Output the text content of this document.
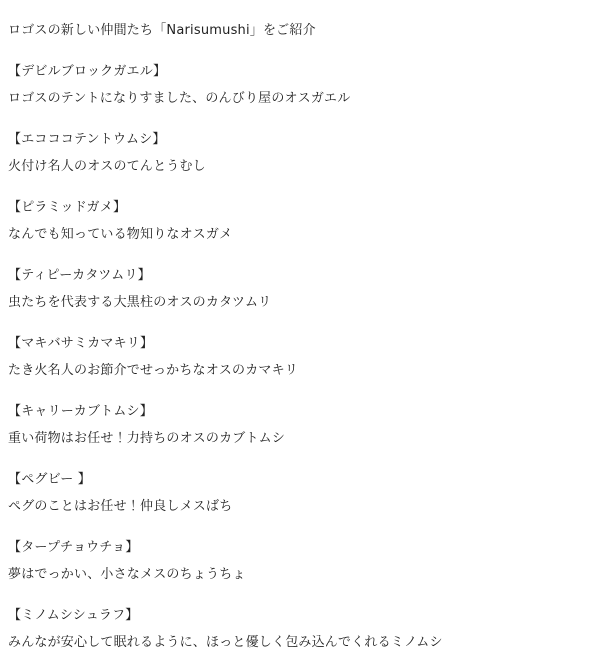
ロゴスの新しい仲間たち「Narisumushi」をご紹介
【デビルブロックガエル】
ロゴスのテントになりすました、のんびり屋のオスガエル
【エコココテントウムシ】
火付け名人のオスのてんとうむし
【ピラミッドガメ】
なんでも知っている物知りなオスガメ
【ティピーカタツムリ】
虫たちを代表する大黒柱のオスのカタツムリ
【マキバサミカマキリ】
たき火名人のお節介でせっかちなオスのカマキリ
【キャリーカブトムシ】
重い荷物はお任せ！力持ちのオスのカブトムシ
【ペグビー 】
ペグのことはお任せ！仲良しメスばち
【タープチョウチョ】
夢はでっかい、小さなメスのちょうちょ
【ミノムシシュラフ】
みんなが安心して眠れるように、ほっと優しく包み込んでくれるミノムシ
